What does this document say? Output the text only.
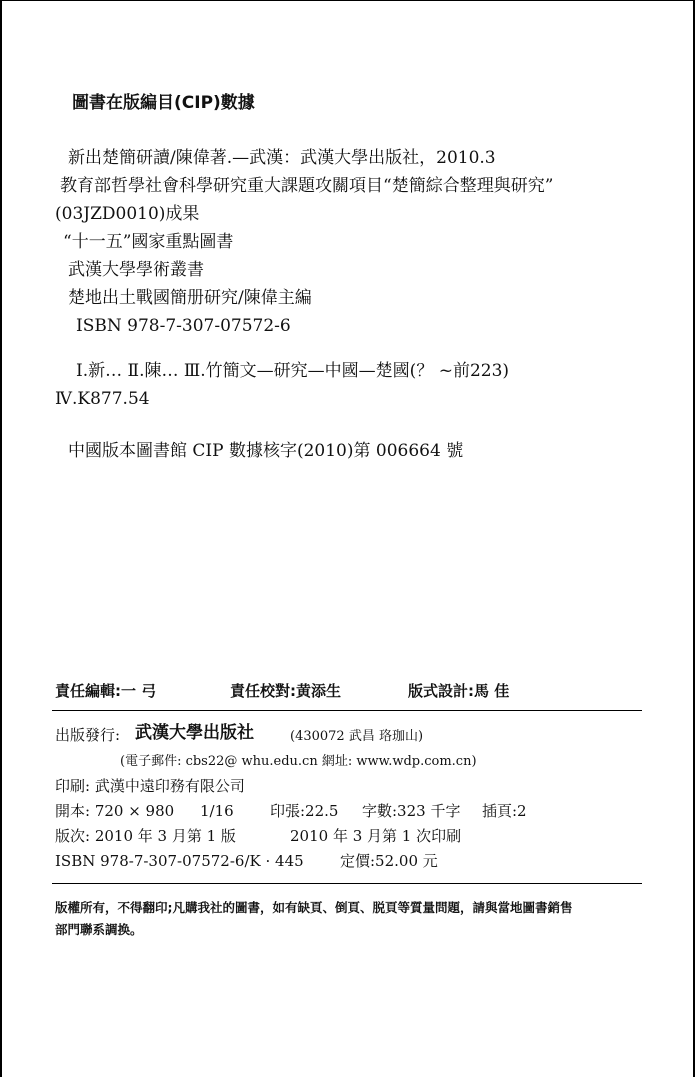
圖書在版編目(CIP)數據
新出楚簡研讀/陳偉著.—武漢：武漢大學出版社，2010.3
教育部哲學社會科學研究重大課題攻關項目“楚簡綜合整理與研究”
(03JZD0010)成果
“十一五”國家重點圖書
武漢大學學術叢書
楚地出土戰國簡册研究/陳偉主編
ISBN 978-7-307-07572-6
Ⅰ.新… Ⅱ.陳… Ⅲ.竹簡文—研究—中國—楚國(？ ~前223)
Ⅳ.K877.54
中國版本圖書館 CIP 數據核字(2010)第 006664 號
責任編輯:一 弓	責任校對:黄添生	版式設計:馬 佳
出版發行: 武漢大學出版社	(430072 武昌 珞珈山)
(電子郵件: cbs22@ whu.edu.cn 網址: www.wdp.com.cn)
印刷: 武漢中遠印務有限公司
開本: 720 × 980 1/16 印張:22.5 字數:323 千字 插頁:2
版次: 2010 年 3 月第 1 版	2010 年 3 月第 1 次印刷
ISBN 978-7-307-07572-6/K · 445 定價:52.00 元
版權所有，不得翻印;凡購我社的圖書，如有缺頁、倒頁、脱頁等質量問題，請與當地圖書銷售
部門聯系調换。
